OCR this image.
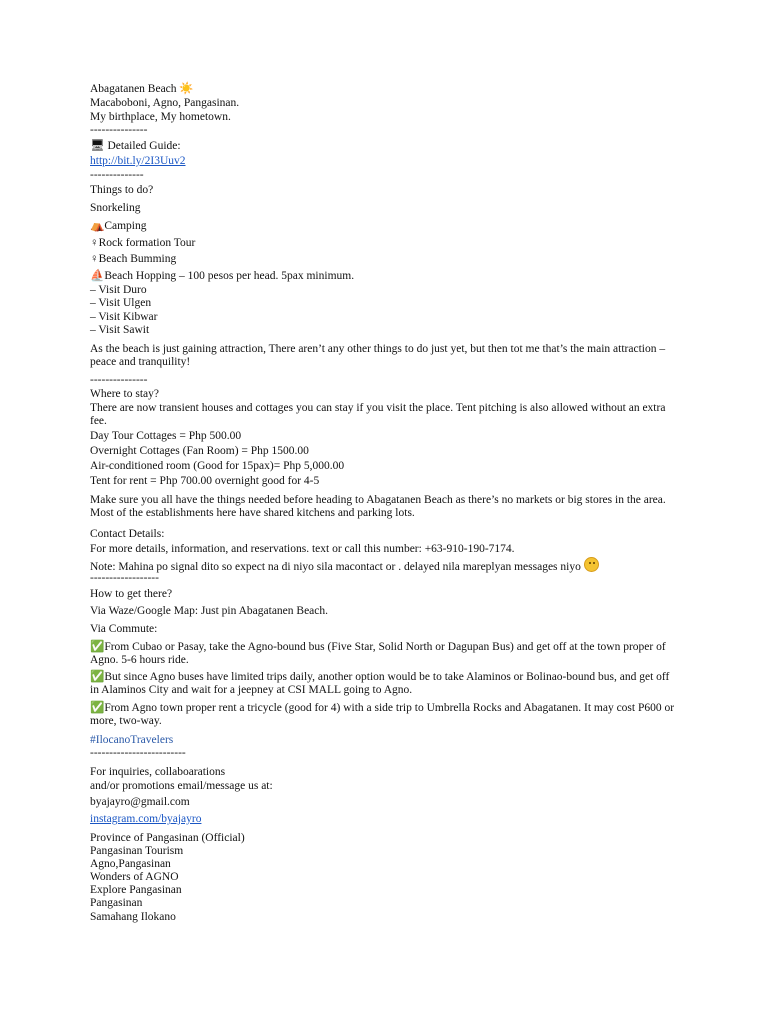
Abagatanen Beach ☀️
Macaboboni, Agno, Pangasinan.
My birthplace, My hometown.
---------------
🖥 Detailed Guide:
http://bit.ly/2I3Uuv2
--------------
Things to do?
Snorkeling
⛺Camping
♀Rock formation Tour
♀Beach Bumming
⛵Beach Hopping – 100 pesos per head. 5pax minimum.
– Visit Duro
– Visit Ulgen
– Visit Kibwar
– Visit Sawit
As the beach is just gaining attraction, There aren’t any other things to do just yet, but then tot me that’s the main attraction – peace and tranquility!
---------------
Where to stay?
There are now transient houses and cottages you can stay if you visit the place. Tent pitching is also allowed without an extra fee.
Day Tour Cottages = Php 500.00
Overnight Cottages (Fan Room) = Php 1500.00
Air-conditioned room (Good for 15pax)= Php 5,000.00
Tent for rent = Php 700.00 overnight good for 4-5
Make sure you all have the things needed before heading to Abagatanen Beach as there’s no markets or big stores in the area. Most of the establishments here have shared kitchens and parking lots.
Contact Details:
For more details, information, and reservations. text or call this number: +63-910-190-7174.
Note: Mahina po signal dito so expect na di niyo sila macontact or . delayed nila mareplyan messages niyo
------------------
How to get there?
Via Waze/Google Map: Just pin Abagatanen Beach.
Via Commute:
✅From Cubao or Pasay, take the Agno-bound bus (Five Star, Solid North or Dagupan Bus) and get off at the town proper of Agno. 5-6 hours ride.
✅But since Agno buses have limited trips daily, another option would be to take Alaminos or Bolinao-bound bus, and get off in Alaminos City and wait for a jeepney at CSI MALL going to Agno.
✅From Agno town proper rent a tricycle (good for 4) with a side trip to Umbrella Rocks and Abagatanen. It may cost P600 or more, two-way.
#IlocanoTravelers
-------------------------
For inquiries, collaboarations
and/or promotions email/message us at:
byajayro@gmail.com
instagram.com/byajayro
Province of Pangasinan (Official)
Pangasinan Tourism
Agno,Pangasinan
Wonders of AGNO
Explore Pangasinan
Pangasinan
Samahang Ilokano
